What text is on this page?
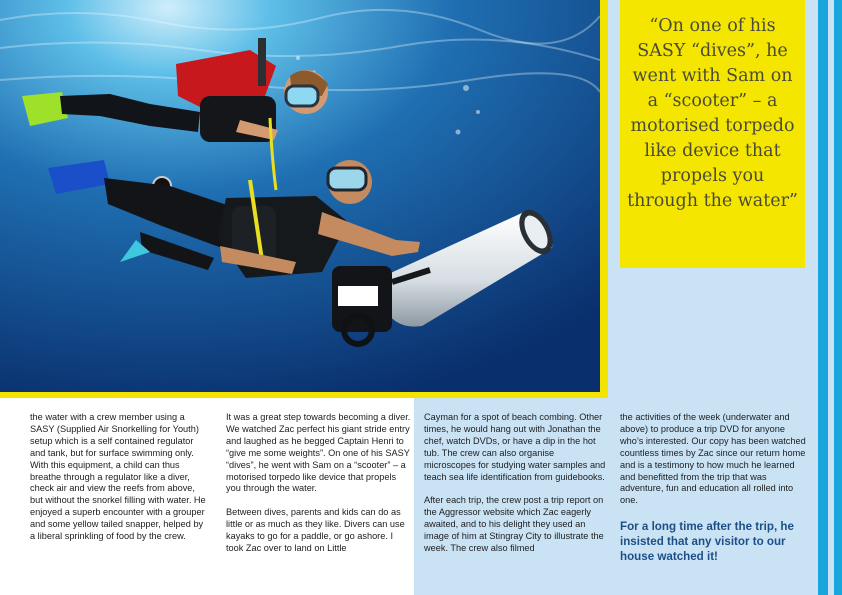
“On one of his SASY “dives”, he went with Sam on a “scooter” – a motorised torpedo like device that propels you through the water”

the water with a crew member using a SASY (Supplied Air Snorkelling for Youth) setup which is a self contained regulator and tank, but for surface swimming only. With this equipment, a child can thus breathe through a regulator like a diver, check air and view the reefs from above, but without the snorkel filling with water. He enjoyed a superb encounter with a grouper and some yellow tailed snapper, helped by a liberal sprinkling of food by the crew.

It was a great step towards becoming a diver. We watched Zac perfect his giant stride entry and laughed as he begged Captain Henri to “give me some weights”. On one of his SASY “dives”, he went with Sam on a “scooter” – a motorised torpedo like device that propels you through the water.

Between dives, parents and kids can do as little or as much as they like. Divers can use kayaks to go for a paddle, or go ashore. I took Zac over to land on Little

Cayman for a spot of beach combing. Other times, he would hang out with Jonathan the chef, watch DVDs, or have a dip in the hot tub. The crew can also organise microscopes for studying water samples and teach sea life identification from guidebooks.

After each trip, the crew post a trip report on the Aggressor website which Zac eagerly awaited, and to his delight they used an image of him at Stingray City to illustrate the week. The crew also filmed

the activities of the week (underwater and above) to produce a trip DVD for anyone who’s interested. Our copy has been watched countless times by Zac since our return home and is a testimony to how much he learned and benefitted from the trip that was adventure, fun and education all rolled into one.

For a long time after the trip, he insisted that any visitor to our house watched it!
